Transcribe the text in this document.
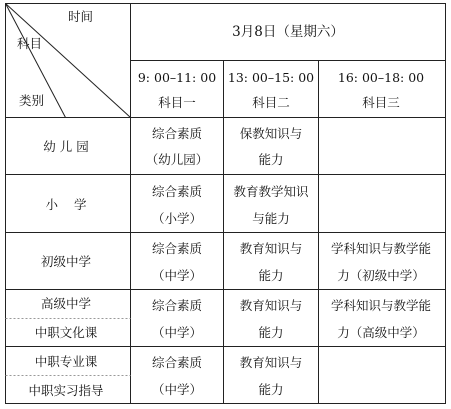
时间
科目
类别
3月8日（星期六）
9: 00–11: 00
科目一
13: 00–15: 00
科目二
16: 00–18: 00
科目三
幼 儿 园
综合素质
（幼儿园）
保教知识与
能力
小    学
综合素质
（小学）
教育教学知识
与能力
初级中学
综合素质
（中学）
教育知识与
能力
学科知识与教学能
力（初级中学）
高级中学
中职文化课
综合素质
（中学）
教育知识与
能力
学科知识与教学能
力（高级中学）
中职专业课
中职实习指导
综合素质
（中学）
教育知识与
能力
